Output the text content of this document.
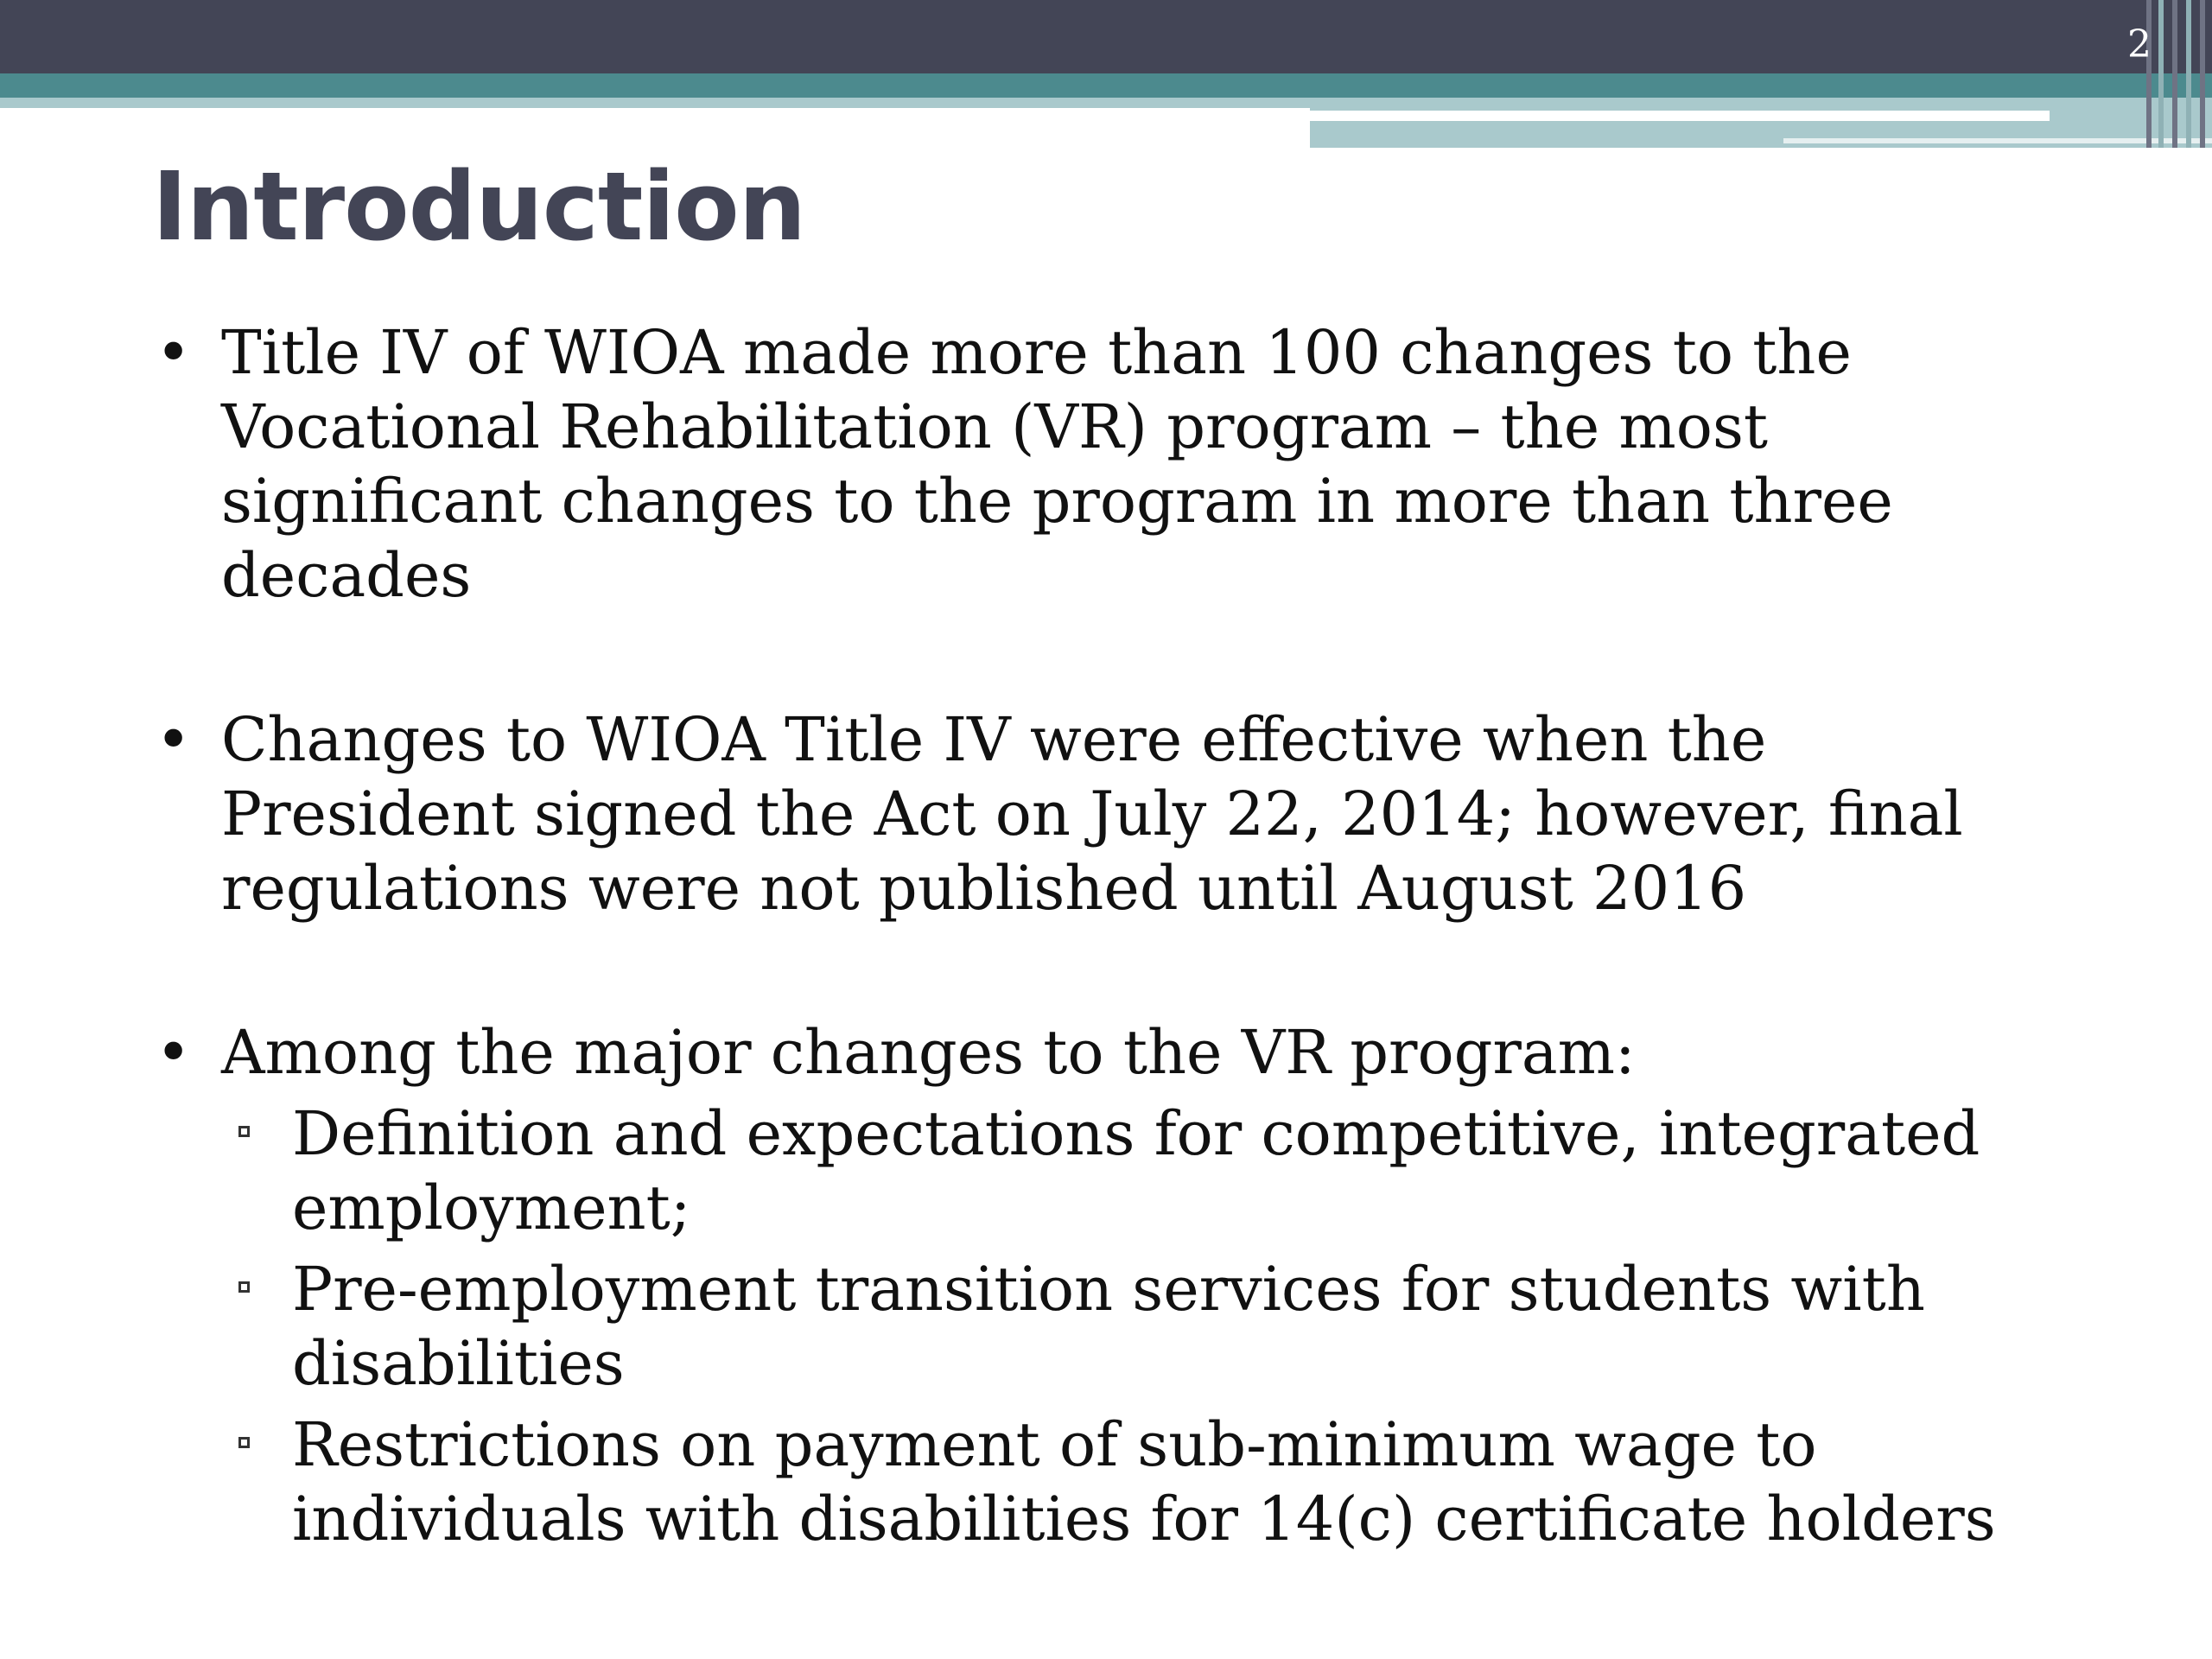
2
Introduction
• Title IV of WIOA made more than 100 changes to the Vocational Rehabilitation (VR) program – the most significant changes to the program in more than three decades
• Changes to WIOA Title IV were effective when the President signed the Act on July 22, 2014; however, final regulations were not published until August 2016
• Among the major changes to the VR program:
Definition and expectations for competitive, integrated employment;
Pre-employment transition services for students with disabilities
Restrictions on payment of sub-minimum wage to individuals with disabilities for 14(c) certificate holders
